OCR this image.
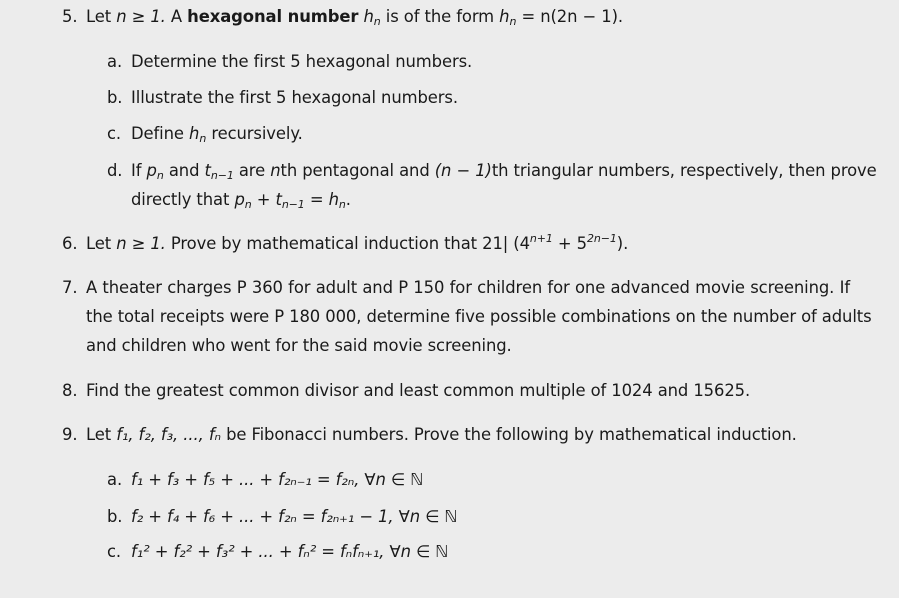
5. Let n ≥ 1. A hexagonal number $h_n$ is of the form $h_n = n(2n - 1)$.
a. Determine the first 5 hexagonal numbers.
b. Illustrate the first 5 hexagonal numbers.
c. Define $h_n$ recursively.
d. If $p_n$ and $t_{n-1}$ are nth pentagonal and (n − 1)th triangular numbers, respectively, then prove
directly that $p_n + t_{n-1} = h_n$.
6. Let n ≥ 1. Prove by mathematical induction that 21| $(4^{n+1} + 5^{2n-1})$.
7. A theater charges P 360 for adult and P 150 for children for one advanced movie screening. If
the total receipts were P 180 000, determine five possible combinations on the number of adults
and children who went for the said movie screening.
8. Find the greatest common divisor and least common multiple of 1024 and 15625.
9. Let f₁, f₂, f₃, ..., fₙ be Fibonacci numbers. Prove the following by mathematical induction.
a. f₁ + f₃ + f₅ + ... + f₂ₙ₋₁ = f₂ₙ, ∀n ∈ ℕ
b. f₂ + f₄ + f₆ + ... + f₂ₙ = f₂ₙ₊₁ − 1, ∀n ∈ ℕ
c. f₁² + f₂² + f₃² + ... + fₙ² = fₙfₙ₊₁, ∀n ∈ ℕ
